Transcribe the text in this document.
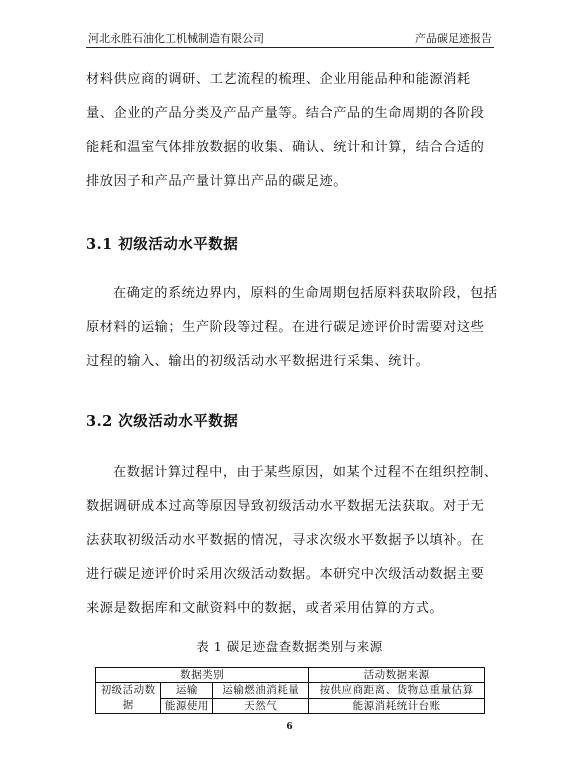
河北永胜石油化工机械制造有限公司	产品碳足迹报告

材料供应商的调研、工艺流程的梳理、企业用能品种和能源消耗量、企业的产品分类及产品产量等。结合产品的生命周期的各阶段能耗和温室气体排放数据的收集、确认、统计和计算，结合合适的排放因子和产品产量计算出产品的碳足迹。

3.1 初级活动水平数据

在确定的系统边界内，原料的生命周期包括原料获取阶段，包括原材料的运输；生产阶段等过程。在进行碳足迹评价时需要对这些过程的输入、输出的初级活动水平数据进行采集、统计。

3.2 次级活动水平数据

在数据计算过程中，由于某些原因，如某个过程不在组织控制、数据调研成本过高等原因导致初级活动水平数据无法获取。对于无法获取初级活动水平数据的情况，寻求次级水平数据予以填补。在进行碳足迹评价时采用次级活动数据。本研究中次级活动数据主要来源是数据库和文献资料中的数据，或者采用估算的方式。

表 1 碳足迹盘查数据类别与来源
数据类别			活动数据来源
初级活动数据	运输	运输燃油消耗量	按供应商距离、货物总重量估算
	能源使用	天然气	能源消耗统计台账
6
